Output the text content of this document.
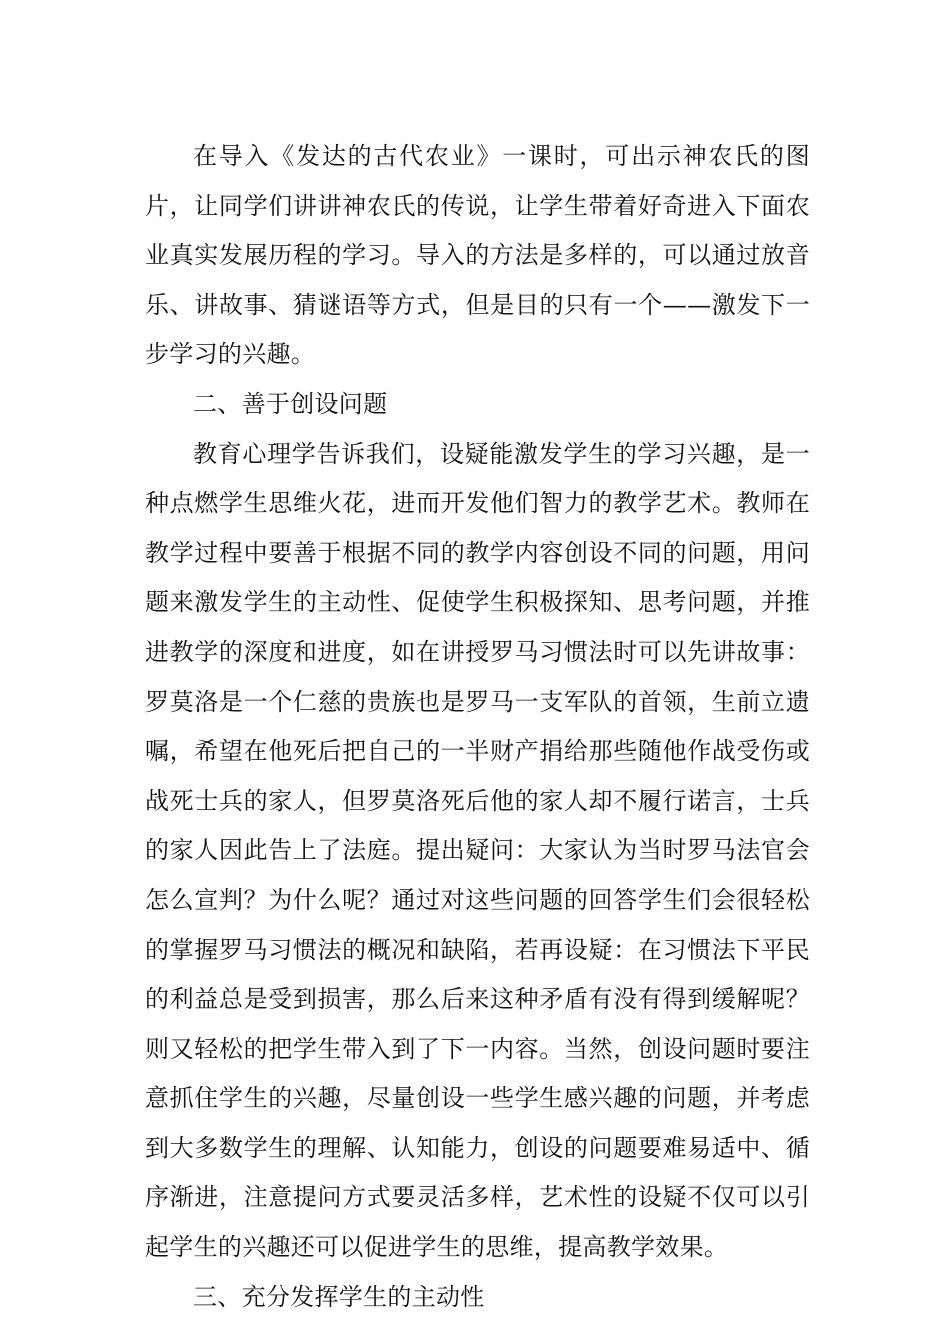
在导入《发达的古代农业》一课时，可出示神农氏的图片，让同学们讲讲神农氏的传说，让学生带着好奇进入下面农业真实发展历程的学习。导入的方法是多样的，可以通过放音乐、讲故事、猜谜语等方式，但是目的只有一个——激发下一步学习的兴趣。

二、善于创设问题

教育心理学告诉我们，设疑能激发学生的学习兴趣，是一种点燃学生思维火花，进而开发他们智力的教学艺术。教师在教学过程中要善于根据不同的教学内容创设不同的问题，用问题来激发学生的主动性、促使学生积极探知、思考问题，并推进教学的深度和进度，如在讲授罗马习惯法时可以先讲故事：罗莫洛是一个仁慈的贵族也是罗马一支军队的首领，生前立遗嘱，希望在他死后把自己的一半财产捐给那些随他作战受伤或战死士兵的家人，但罗莫洛死后他的家人却不履行诺言，士兵的家人因此告上了法庭。提出疑问：大家认为当时罗马法官会怎么宣判？为什么呢？通过对这些问题的回答学生们会很轻松的掌握罗马习惯法的概况和缺陷，若再设疑：在习惯法下平民的利益总是受到损害，那么后来这种矛盾有没有得到缓解呢？则又轻松的把学生带入到了下一内容。当然，创设问题时要注意抓住学生的兴趣，尽量创设一些学生感兴趣的问题，并考虑到大多数学生的理解、认知能力，创设的问题要难易适中、循序渐进，注意提问方式要灵活多样，艺术性的设疑不仅可以引起学生的兴趣还可以促进学生的思维，提高教学效果。

三、充分发挥学生的主动性
